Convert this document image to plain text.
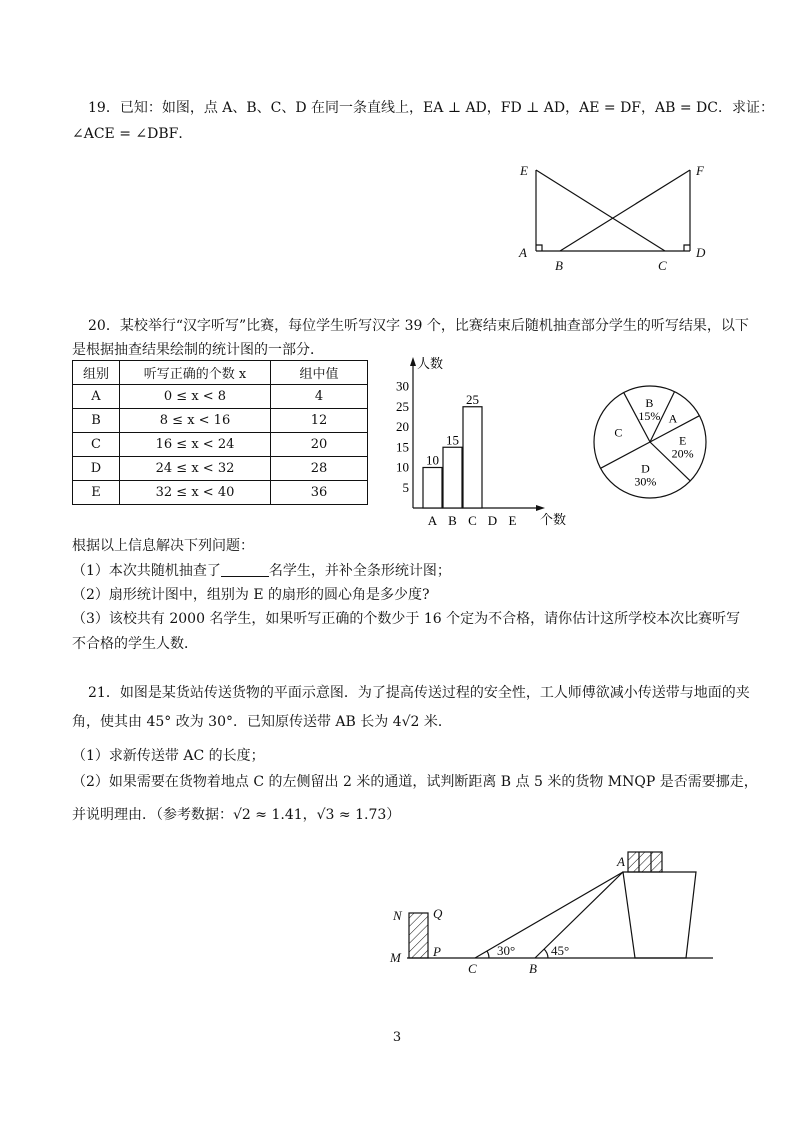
19．已知：如图，点 A、B、C、D 在同一条直线上，EA ⊥ AD，FD ⊥ AD，AE = DF，AB = DC．求证：
∠ACE = ∠DBF．
E	F
A	D
B	C
20．某校举行“汉字听写”比赛，每位学生听写汉字 39 个，比赛结束后随机抽查部分学生的听写结果，以下
是根据抽查结果绘制的统计图的一部分．
组别	听写正确的个数 x	组中值
A	0 ≤ x < 8	4
B	8 ≤ x < 16	12
C	16 ≤ x < 24	20
D	24 ≤ x < 32	28
E	32 ≤ x < 40	36
人数
个数
5
10
15
20
25
30
A
10
B
15
C
25
D E
B
15% A
E
20%
D
30%
C
根据以上信息解决下列问题：
（1）本次共随机抽查了	名学生，并补全条形统计图；
（2）扇形统计图中，组别为 E 的扇形的圆心角是多少度?
（3）该校共有 2000 名学生，如果听写正确的个数少于 16 个定为不合格，请你估计这所学校本次比赛听写
不合格的学生人数．
21．如图是某货站传送货物的平面示意图．为了提高传送过程的安全性，工人师傅欲减小传送带与地面的夹
角，使其由 45° 改为 30°．已知原传送带 AB 长为 4√2 米．
（1）求新传送带 AC 的长度；
（2）如果需要在货物着地点 C 的左侧留出 2 米的通道，试判断距离 B 点 5 米的货物 MNQP 是否需要挪走，
并说明理由．（参考数据：√2 ≈ 1.41，√3 ≈ 1.73）
A
N Q
M P
C	B
30°	45°
3
